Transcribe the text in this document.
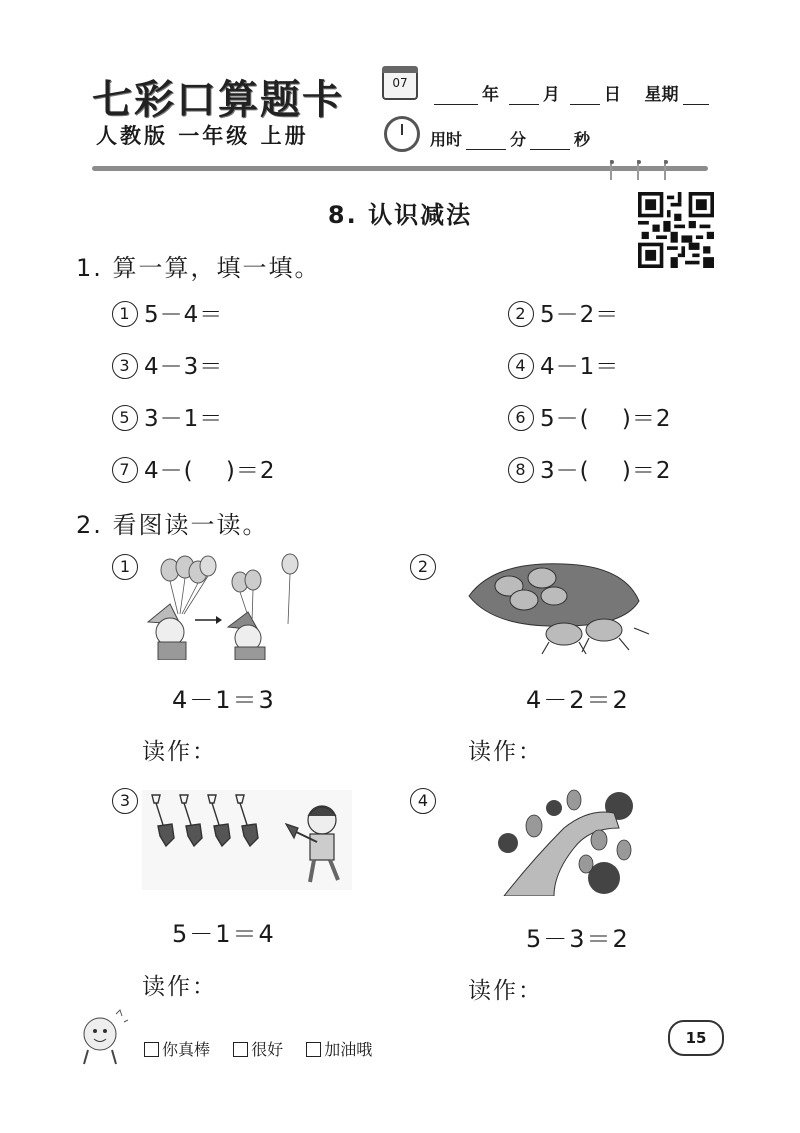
七彩口算题卡
人教版 一年级 上册
07
年	月	日 星期
用时	分	秒
8. 认识减法
1. 算一算，填一填。
1 5－4＝	2 5－2＝
3 4－3＝	4 4－1＝
5 3－1＝	6 5－(　 )＝2
7 4－(　 )＝2	8 3－(　 )＝2
2. 看图读一读。
1
4－1＝3
读作：
2
4－2＝2
读作：
3
5－1＝4
读作：
4
5－3＝2
读作：
你真棒	很好	加油哦
15
